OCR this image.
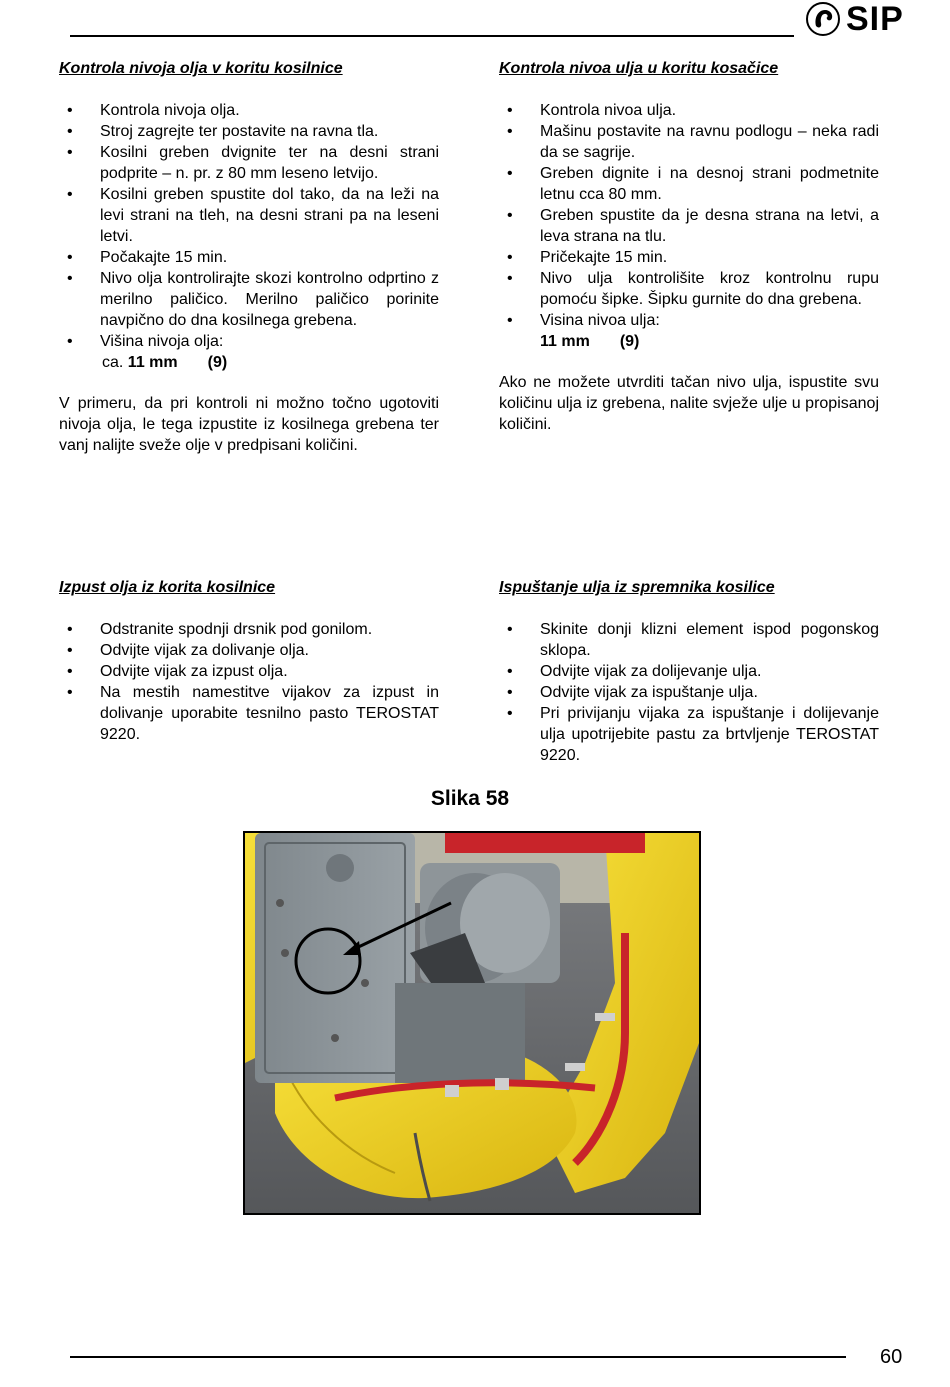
SIP

Kontrola nivoja olja v koritu kosilnice

• Kontrola nivoja olja.
• Stroj zagrejte ter postavite na ravna tla.
• Kosilni greben dvignite ter na desni strani podprite – n. pr. z 80 mm leseno letvijo.
• Kosilni greben spustite dol tako, da na leži na levi strani na tleh, na desni strani pa na leseni letvi.
• Počakajte 15 min.
• Nivo olja kontrolirajte skozi kontrolno odprtino z merilno paličico. Merilno paličico porinite navpično do dna kosilnega grebena.
• Višina nivoja olja:
ca. 11 mm (9)

V primeru, da pri kontroli ni možno točno ugotoviti nivoja olja, le tega izpustite iz kosilnega grebena ter vanj nalijte sveže olje v predpisani količini.

Kontrola nivoa ulja u koritu kosačice

• Kontrola nivoa ulja.
• Mašinu postavite na ravnu podlogu – neka radi da se sagrije.
• Greben dignite i na desnoj strani podmetnite letnu cca 80 mm.
• Greben spustite da je desna strana na letvi, a leva strana na tlu.
• Pričekajte 15 min.
• Nivo ulja kontrolišite kroz kontrolnu rupu pomoću šipke. Šipku gurnite do dna grebena.
• Visina nivoa ulja:
11 mm (9)

Ako ne možete utvrditi tačan nivo ulja, ispustite svu količinu ulja iz grebena, nalite svježe ulje u propisanoj količini.

Izpust olja iz korita kosilnice

• Odstranite spodnji drsnik pod gonilom.
• Odvijte vijak za dolivanje olja.
• Odvijte vijak za izpust olja.
• Na mestih namestitve vijakov za izpust in dolivanje uporabite tesnilno pasto TEROSTAT 9220.

Ispuštanje ulja iz spremnika kosilice

• Skinite donji klizni element ispod pogonskog sklopa.
• Odvijte vijak za dolijevanje ulja.
• Odvijte vijak za ispuštanje ulja.
• Pri privijanju vijaka za ispuštanje i dolijevanje ulja upotrijebite pastu za brtvljenje TEROSTAT 9220.
Slika 58
60
